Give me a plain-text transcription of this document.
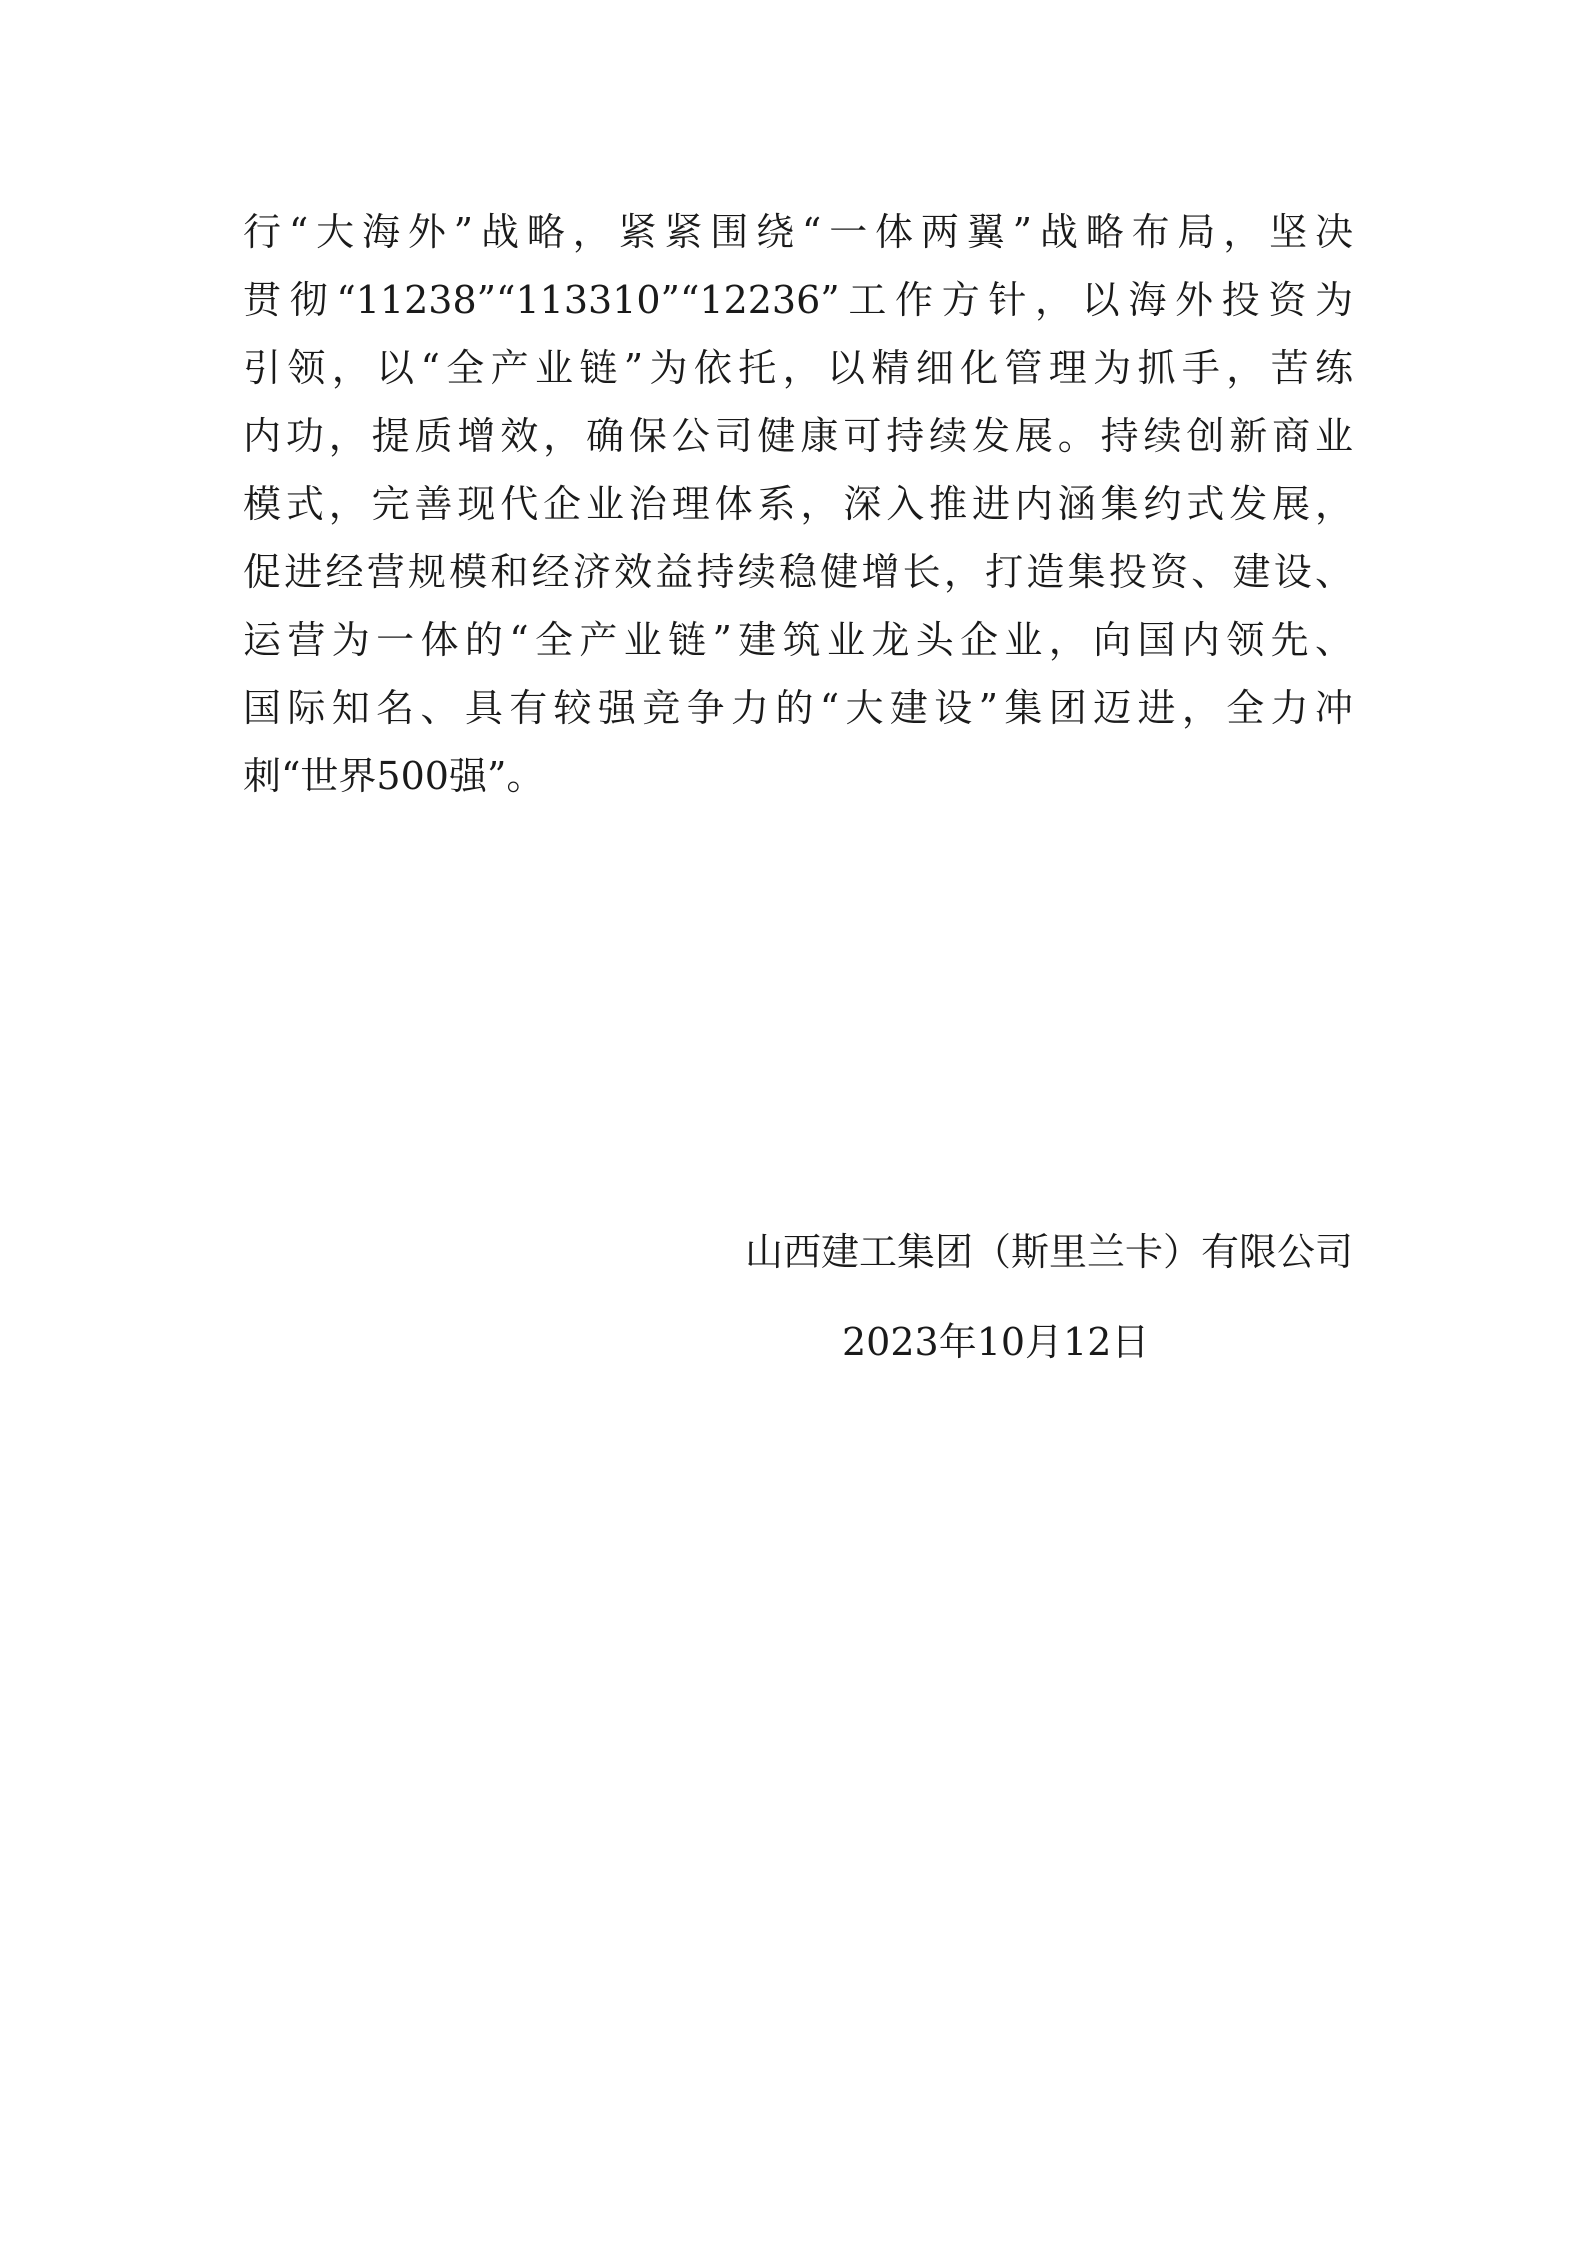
行“大海外”战略，紧紧围绕“一体两翼”战略布局，坚决
贯彻“11238”“113310”“12236”工作方针，以海外投资为
引领，以“全产业链”为依托，以精细化管理为抓手，苦练
内功，提质增效，确保公司健康可持续发展。持续创新商业
模式，完善现代企业治理体系，深入推进内涵集约式发展，
促进经营规模和经济效益持续稳健增长，打造集投资、建设、
运营为一体的“全产业链”建筑业龙头企业，向国内领先、
国际知名、具有较强竞争力的“大建设”集团迈进，全力冲
刺“世界500强”。
山西建工集团（斯里兰卡）有限公司
2023年10月12日
